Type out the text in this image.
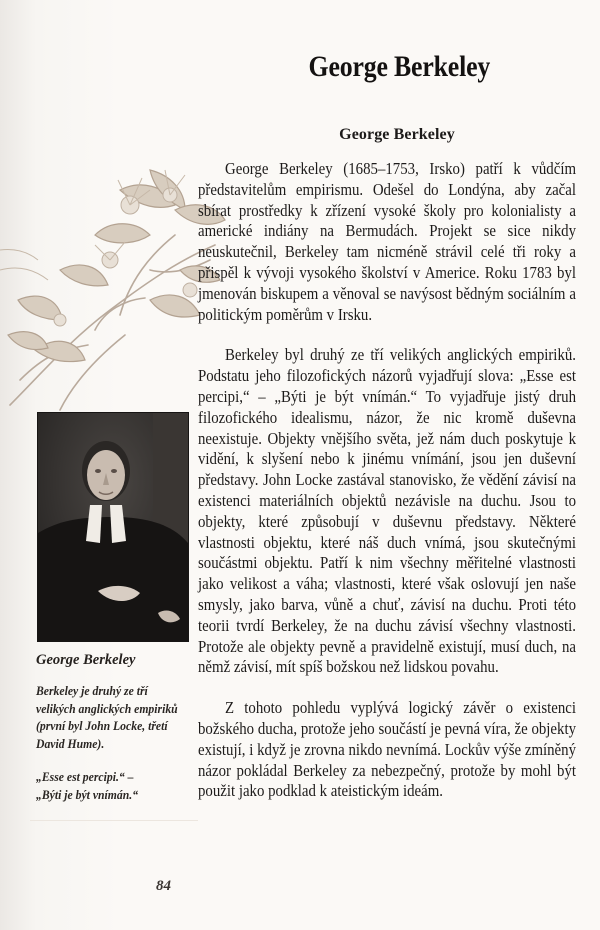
George Berkeley
George Berkeley

George Berkeley (1685–1753, Irsko) patří k vůdčím představitelům empirismu. Odešel do Londýna, aby začal sbírat prostředky k zřízení vysoké školy pro kolonialisty a americké indiány na Bermudách. Projekt se sice nikdy neuskutečnil, Berkeley tam nicméně strávil celé tři roky a přispěl k vývoji vysokého školství v Americe. Roku 1783 byl jmenován biskupem a věnoval se navýsost bědným sociálním a politickým poměrům v Irsku.

Berkeley byl druhý ze tří velikých anglických empiriků. Podstatu jeho filozofických názorů vyjadřují slova: „Esse est percipi,“ – „Býti je být vnímán.“ To vyjadřuje jistý druh filozofického idealismu, názor, že nic kromě duševna neexistuje. Objekty vnějšího světa, jež nám duch poskytuje k vidění, k slyšení nebo k jinému vnímání, jsou jen duševní představy. John Locke zastával stanovisko, že vědění závisí na existenci materiálních objektů nezávisle na duchu. Jsou to objekty, které způsobují v duševnu představy. Některé vlastnosti objektu, které náš duch vnímá, jsou skutečnými součástmi objektu. Patří k nim všechny měřitelné vlastnosti jako velikost a váha; vlastnosti, které však oslovují jen naše smysly, jako barva, vůně a chuť, závisí na duchu. Proti této teorii tvrdí Berkeley, že na duchu závisí všechny vlastnosti. Protože ale objekty pevně a pravidelně existují, musí duch, na němž závisí, mít spíš božskou než lidskou povahu.

Z tohoto pohledu vyplývá logický závěr o existenci božského ducha, protože jeho součástí je pevná víra, že objekty existují, i když je zrovna nikdo nevnímá. Lockův výše zmíněný názor pokládal Berkeley za nebezpečný, protože by mohl být použit jako podklad k ateistickým ideám.

George Berkeley

Berkeley je druhý ze tří velikých anglických empiriků (první byl John Locke, třetí David Hume).

„Esse est percipi.“ –
„Býti je být vnímán.“

84
